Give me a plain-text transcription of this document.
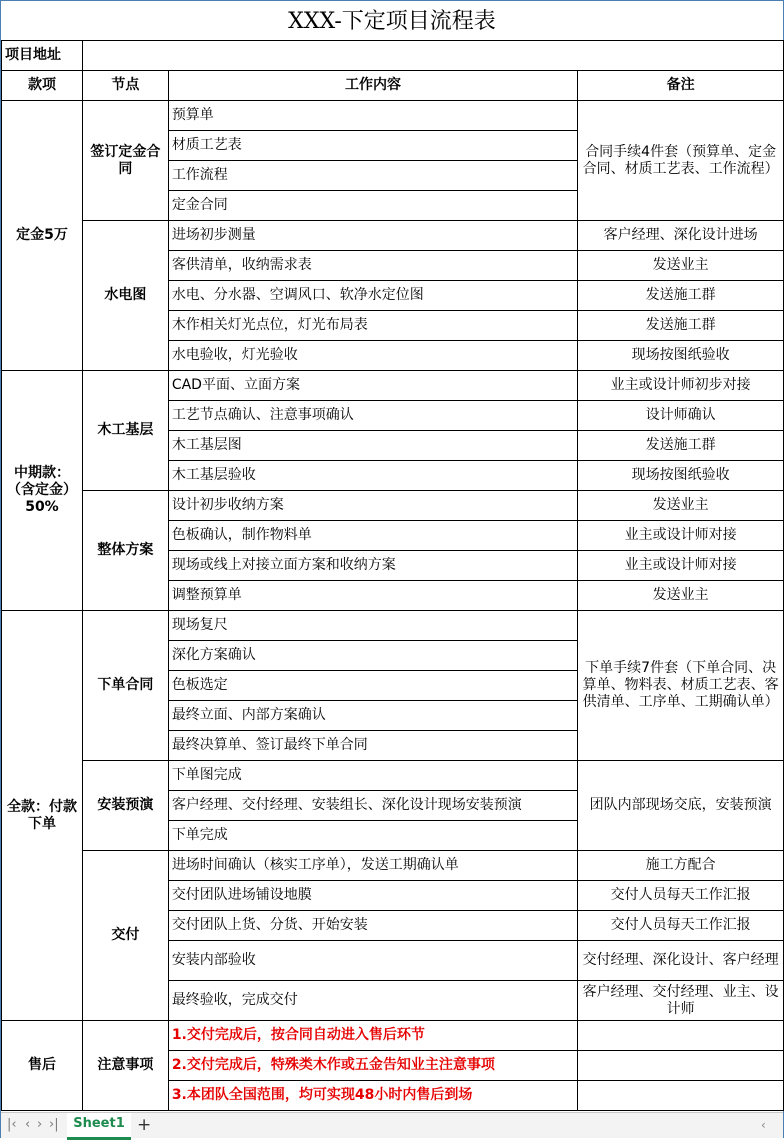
XXX-下定项目流程表
项目地址			
款项	节点	工作内容	备注
定金5万	签订定金合同	预算单	合同手续4件套（预算单、定金合同、材质工艺表、工作流程）
		材质工艺表	
		工作流程	
		定金合同	
	水电图	进场初步测量	客户经理、深化设计进场
		客供清单，收纳需求表	发送业主
		水电、分水器、空调风口、软净水定位图	发送施工群
		木作相关灯光点位，灯光布局表	发送施工群
		水电验收，灯光验收	现场按图纸验收
中期款：（含定金）50%	木工基层	CAD平面、立面方案	业主或设计师初步对接
		工艺节点确认、注意事项确认	设计师确认
		木工基层图	发送施工群
		木工基层验收	现场按图纸验收
	整体方案	设计初步收纳方案	发送业主
		色板确认，制作物料单	业主或设计师对接
		现场或线上对接立面方案和收纳方案	业主或设计师对接
		调整预算单	发送业主
全款：付款下单	下单合同	现场复尺	下单手续7件套（下单合同、决算单、物料表、材质工艺表、客供清单、工序单、工期确认单）
		深化方案确认	
		色板选定	
		最终立面、内部方案确认	
		最终决算单、签订最终下单合同	
	安装预演	下单图完成	团队内部现场交底，安装预演
		客户经理、交付经理、安装组长、深化设计现场安装预演	
		下单完成	
	交付	进场时间确认（核实工序单），发送工期确认单	施工方配合
		交付团队进场铺设地膜	交付人员每天工作汇报
		交付团队上货、分货、开始安装	交付人员每天工作汇报
		安装内部验收	交付经理、深化设计、客户经理
		最终验收，完成交付	客户经理、交付经理、业主、设计师
售后	注意事项	1.交付完成后，按合同自动进入售后环节	
		2.交付完成后，特殊类木作或五金告知业主注意事项	
		3.本团队全国范围，均可实现48小时内售后到场	
|‹ ‹ › ›|	Sheet1 +	‹
